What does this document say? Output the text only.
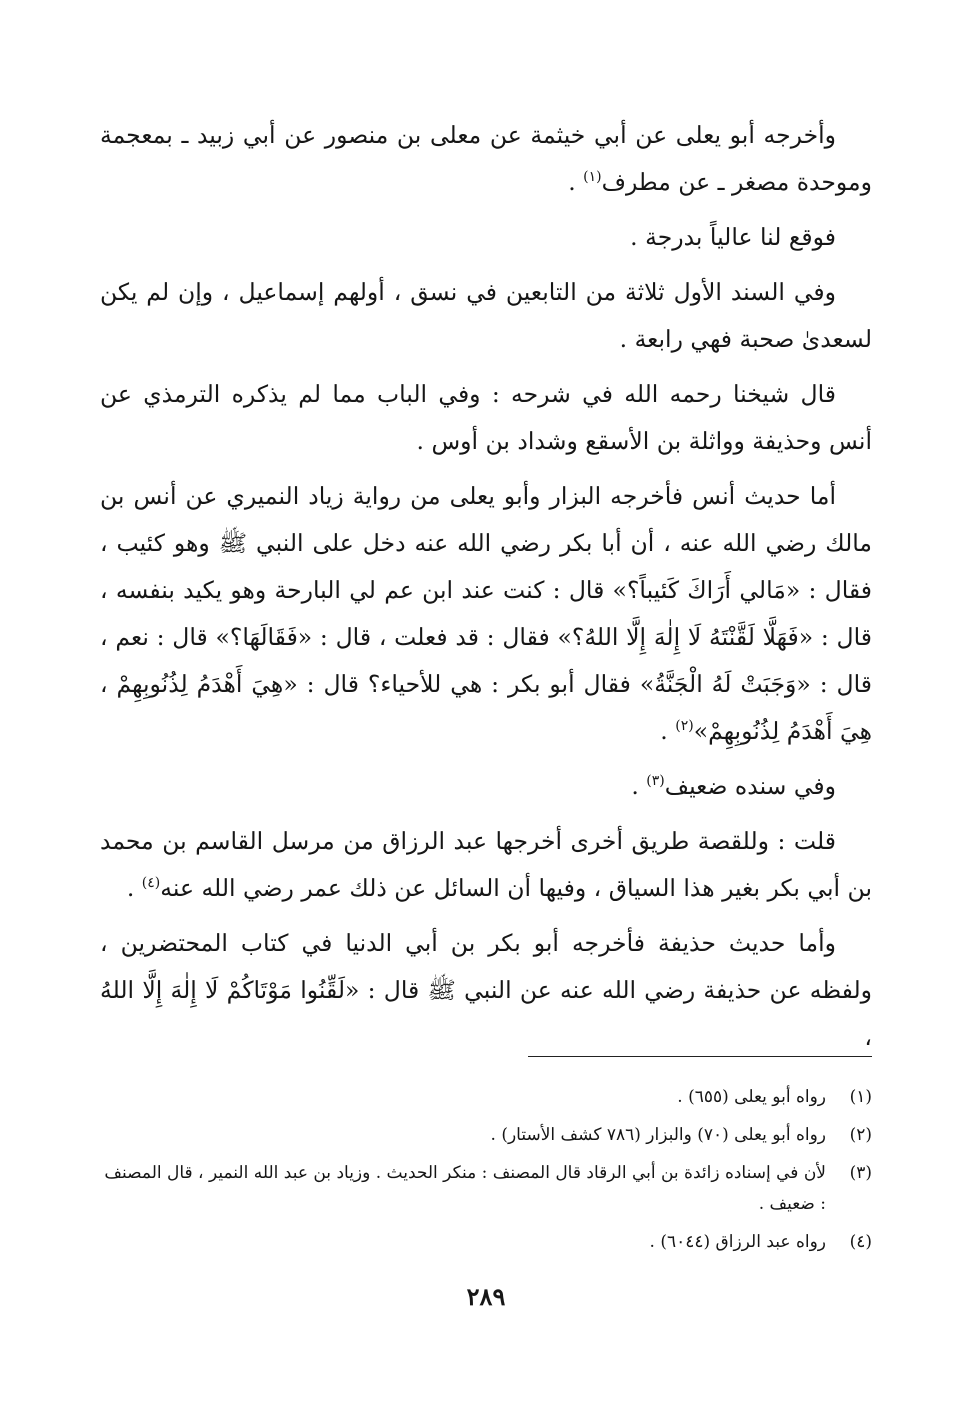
وأخرجه أبو يعلى عن أبي خيثمة عن معلى بن منصور عن أبي زبيد ـ بمعجمة وموحدة مصغر ـ عن مطرف$^{(١)}$ .

فوقع لنا عالياً بدرجة .

وفي السند الأول ثلاثة من التابعين في نسق ، أولهم إسماعيل ، وإن لم يكن لسعدىٰ صحبة فهي رابعة .

قال شيخنا رحمه الله في شرحه : وفي الباب مما لم يذكره الترمذي عن أنس وحذيفة وواثلة بن الأسقع وشداد بن أوس .

أما حديث أنس فأخرجه البزار وأبو يعلى من رواية زياد النميري عن أنس بن مالك رضي الله عنه ، أن أبا بكر رضي الله عنه دخل على النبي ﷺ وهو كئيب ، فقال : «مَالي أَرَاكَ كَئيباً؟» قال : كنت عند ابن عم لي البارحة وهو يكيد بنفسه ، قال : «فَهَلَّا لَقَّنْتَهُ لَا إِلٰهَ إِلَّا اللهُ؟» فقال : قد فعلت ، قال : «فَقَالَهَا؟» قال : نعم ، قال : «وَجَبَتْ لَهُ الْجَنَّةُ» فقال أبو بكر : هي للأحياء؟ قال : «هِيَ أَهْدَمُ لِذُنُوبِهِمْ ، هِيَ أَهْدَمُ لِذُنُوبِهِمْ»$^{(٢)}$ .

وفي سنده ضعيف$^{(٣)}$ .

قلت : وللقصة طريق أخرى أخرجها عبد الرزاق من مرسل القاسم بن محمد بن أبي بكر بغير هذا السياق ، وفيها أن السائل عن ذلك عمر رضي الله عنه$^{(٤)}$ .

وأما حديث حذيفة فأخرجه أبو بكر بن أبي الدنيا في كتاب المحتضرين ، ولفظه عن حذيفة رضي الله عنه عن النبي ﷺ قال : «لَقِّنُوا مَوْتَاكُمْ لَا إِلٰهَ إِلَّا اللهُ ،

(١)
رواه أبو يعلى (٦٥٥) .
(٢)
رواه أبو يعلى (٧٠) والبزار (٧٨٦ كشف الأستار) .
(٣)
لأن في إسناده زائدة بن أبي الرقاد قال المصنف : منكر الحديث . وزياد بن عبد الله النمير ، قال المصنف : ضعيف .
(٤)
رواه عبد الرزاق (٦٠٤٤) .
٢٨٩
